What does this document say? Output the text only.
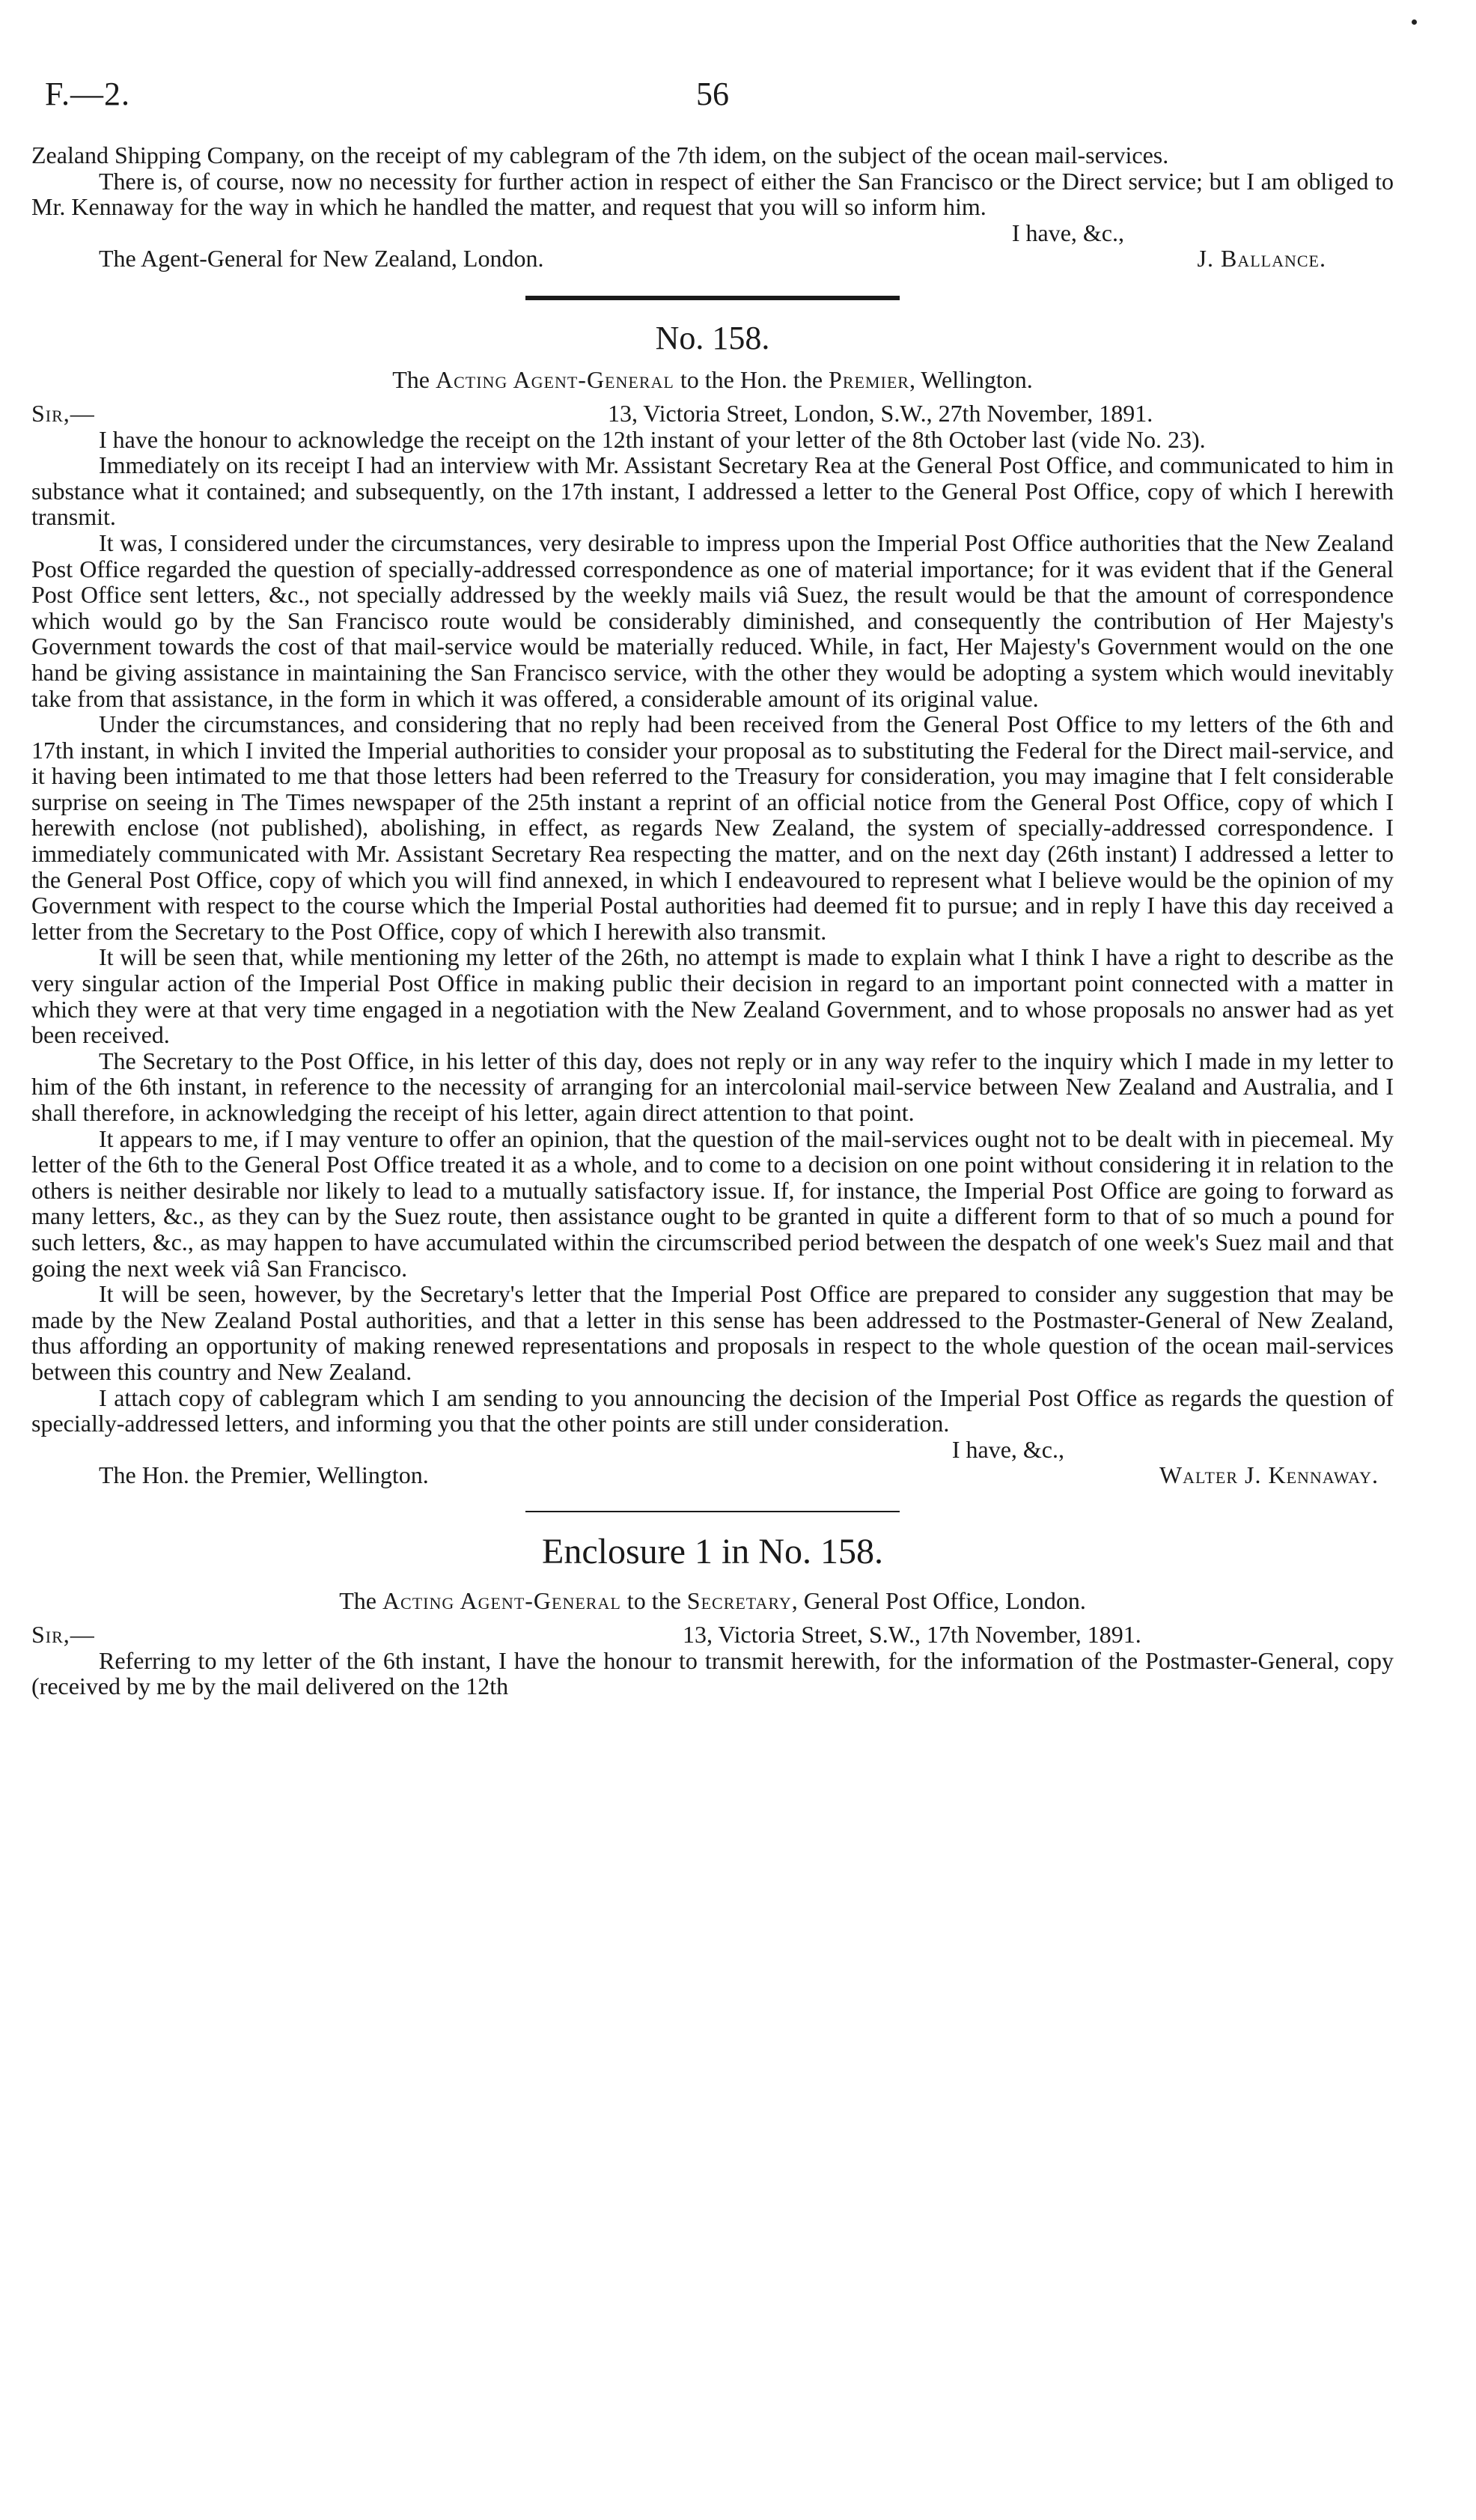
F.—2.	56

Zealand Shipping Company, on the receipt of my cablegram of the 7th idem, on the subject of the ocean mail-services.

There is, of course, now no necessity for further action in respect of either the San Francisco or the Direct service; but I am obliged to Mr. Kennaway for the way in which he handled the matter, and request that you will so inform him.

I have, &c.,
The Agent-General for New Zealand, London.	J. Ballance.
No. 158.
The Acting Agent-General to the Hon. the Premier, Wellington.
Sir,—	13, Victoria Street, London, S.W., 27th November, 1891.

I have the honour to acknowledge the receipt on the 12th instant of your letter of the 8th October last (vide No. 23).

Immediately on its receipt I had an interview with Mr. Assistant Secretary Rea at the General Post Office, and communicated to him in substance what it contained; and subsequently, on the 17th instant, I addressed a letter to the General Post Office, copy of which I herewith transmit.

It was, I considered under the circumstances, very desirable to impress upon the Imperial Post Office authorities that the New Zealand Post Office regarded the question of specially-addressed correspondence as one of material importance; for it was evident that if the General Post Office sent letters, &c., not specially addressed by the weekly mails viâ Suez, the result would be that the amount of correspondence which would go by the San Francisco route would be considerably diminished, and consequently the contribution of Her Majesty's Government towards the cost of that mail-service would be materially reduced. While, in fact, Her Majesty's Government would on the one hand be giving assistance in maintaining the San Francisco service, with the other they would be adopting a system which would inevitably take from that assistance, in the form in which it was offered, a considerable amount of its original value.

Under the circumstances, and considering that no reply had been received from the General Post Office to my letters of the 6th and 17th instant, in which I invited the Imperial authorities to consider your proposal as to substituting the Federal for the Direct mail-service, and it having been intimated to me that those letters had been referred to the Treasury for consideration, you may imagine that I felt considerable surprise on seeing in The Times newspaper of the 25th instant a reprint of an official notice from the General Post Office, copy of which I herewith enclose (not published), abolishing, in effect, as regards New Zealand, the system of specially-addressed correspondence. I immediately communicated with Mr. Assistant Secretary Rea respecting the matter, and on the next day (26th instant) I addressed a letter to the General Post Office, copy of which you will find annexed, in which I endeavoured to represent what I believe would be the opinion of my Government with respect to the course which the Imperial Postal authorities had deemed fit to pursue; and in reply I have this day received a letter from the Secretary to the Post Office, copy of which I herewith also transmit.

It will be seen that, while mentioning my letter of the 26th, no attempt is made to explain what I think I have a right to describe as the very singular action of the Imperial Post Office in making public their decision in regard to an important point connected with a matter in which they were at that very time engaged in a negotiation with the New Zealand Government, and to whose proposals no answer had as yet been received.

The Secretary to the Post Office, in his letter of this day, does not reply or in any way refer to the inquiry which I made in my letter to him of the 6th instant, in reference to the necessity of arranging for an intercolonial mail-service between New Zealand and Australia, and I shall therefore, in acknowledging the receipt of his letter, again direct attention to that point.

It appears to me, if I may venture to offer an opinion, that the question of the mail-services ought not to be dealt with in piecemeal. My letter of the 6th to the General Post Office treated it as a whole, and to come to a decision on one point without considering it in relation to the others is neither desirable nor likely to lead to a mutually satisfactory issue. If, for instance, the Imperial Post Office are going to forward as many letters, &c., as they can by the Suez route, then assistance ought to be granted in quite a different form to that of so much a pound for such letters, &c., as may happen to have accumulated within the circumscribed period between the despatch of one week's Suez mail and that going the next week viâ San Francisco.

It will be seen, however, by the Secretary's letter that the Imperial Post Office are prepared to consider any suggestion that may be made by the New Zealand Postal authorities, and that a letter in this sense has been addressed to the Postmaster-General of New Zealand, thus affording an opportunity of making renewed representations and proposals in respect to the whole question of the ocean mail-services between this country and New Zealand.

I attach copy of cablegram which I am sending to you announcing the decision of the Imperial Post Office as regards the question of specially-addressed letters, and informing you that the other points are still under consideration.

I have, &c.,
The Hon. the Premier, Wellington.	Walter J. Kennaway.
Enclosure 1 in No. 158.
The Acting Agent-General to the Secretary, General Post Office, London.
Sir,—	13, Victoria Street, S.W., 17th November, 1891.

Referring to my letter of the 6th instant, I have the honour to transmit herewith, for the information of the Postmaster-General, copy (received by me by the mail delivered on the 12th
